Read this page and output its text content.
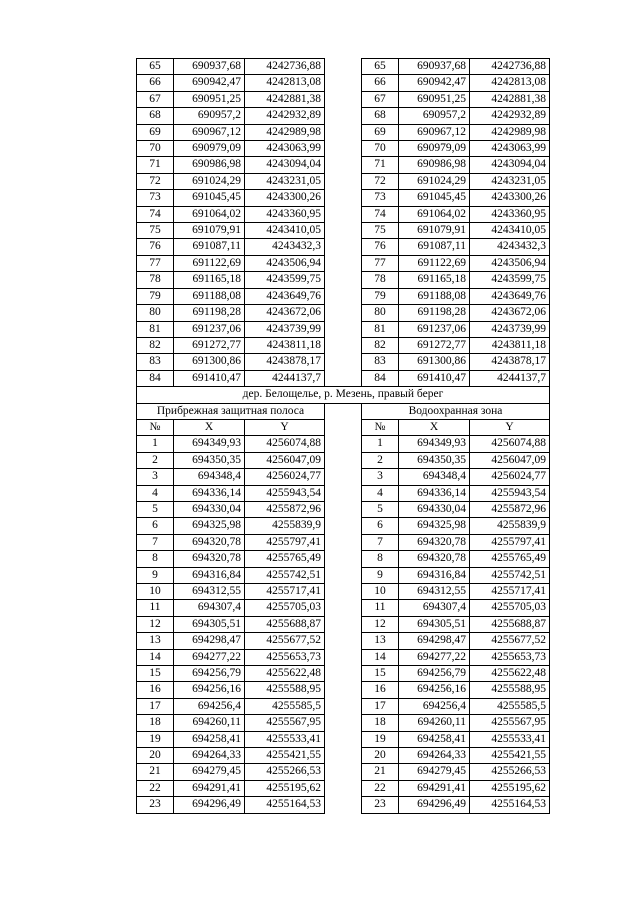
65	690937,68	4242736,88		65	690937,68	4242736,88
66	690942,47	4242813,08		66	690942,47	4242813,08
67	690951,25	4242881,38		67	690951,25	4242881,38
68	690957,2	4242932,89		68	690957,2	4242932,89
69	690967,12	4242989,98		69	690967,12	4242989,98
70	690979,09	4243063,99		70	690979,09	4243063,99
71	690986,98	4243094,04		71	690986,98	4243094,04
72	691024,29	4243231,05		72	691024,29	4243231,05
73	691045,45	4243300,26		73	691045,45	4243300,26
74	691064,02	4243360,95		74	691064,02	4243360,95
75	691079,91	4243410,05		75	691079,91	4243410,05
76	691087,11	4243432,3		76	691087,11	4243432,3
77	691122,69	4243506,94		77	691122,69	4243506,94
78	691165,18	4243599,75		78	691165,18	4243599,75
79	691188,08	4243649,76		79	691188,08	4243649,76
80	691198,28	4243672,06		80	691198,28	4243672,06
81	691237,06	4243739,99		81	691237,06	4243739,99
82	691272,77	4243811,18		82	691272,77	4243811,18
83	691300,86	4243878,17		83	691300,86	4243878,17
84	691410,47	4244137,7		84	691410,47	4244137,7
дер. Белощелье, р. Мезень, правый берег						
Прибрежная защитная полоса				Водоохранная зона		
№	X	Y		№	X	Y
1	694349,93	4256074,88		1	694349,93	4256074,88
2	694350,35	4256047,09		2	694350,35	4256047,09
3	694348,4	4256024,77		3	694348,4	4256024,77
4	694336,14	4255943,54		4	694336,14	4255943,54
5	694330,04	4255872,96		5	694330,04	4255872,96
6	694325,98	4255839,9		6	694325,98	4255839,9
7	694320,78	4255797,41		7	694320,78	4255797,41
8	694320,78	4255765,49		8	694320,78	4255765,49
9	694316,84	4255742,51		9	694316,84	4255742,51
10	694312,55	4255717,41		10	694312,55	4255717,41
11	694307,4	4255705,03		11	694307,4	4255705,03
12	694305,51	4255688,87		12	694305,51	4255688,87
13	694298,47	4255677,52		13	694298,47	4255677,52
14	694277,22	4255653,73		14	694277,22	4255653,73
15	694256,79	4255622,48		15	694256,79	4255622,48
16	694256,16	4255588,95		16	694256,16	4255588,95
17	694256,4	4255585,5		17	694256,4	4255585,5
18	694260,11	4255567,95		18	694260,11	4255567,95
19	694258,41	4255533,41		19	694258,41	4255533,41
20	694264,33	4255421,55		20	694264,33	4255421,55
21	694279,45	4255266,53		21	694279,45	4255266,53
22	694291,41	4255195,62		22	694291,41	4255195,62
23	694296,49	4255164,53		23	694296,49	4255164,53
